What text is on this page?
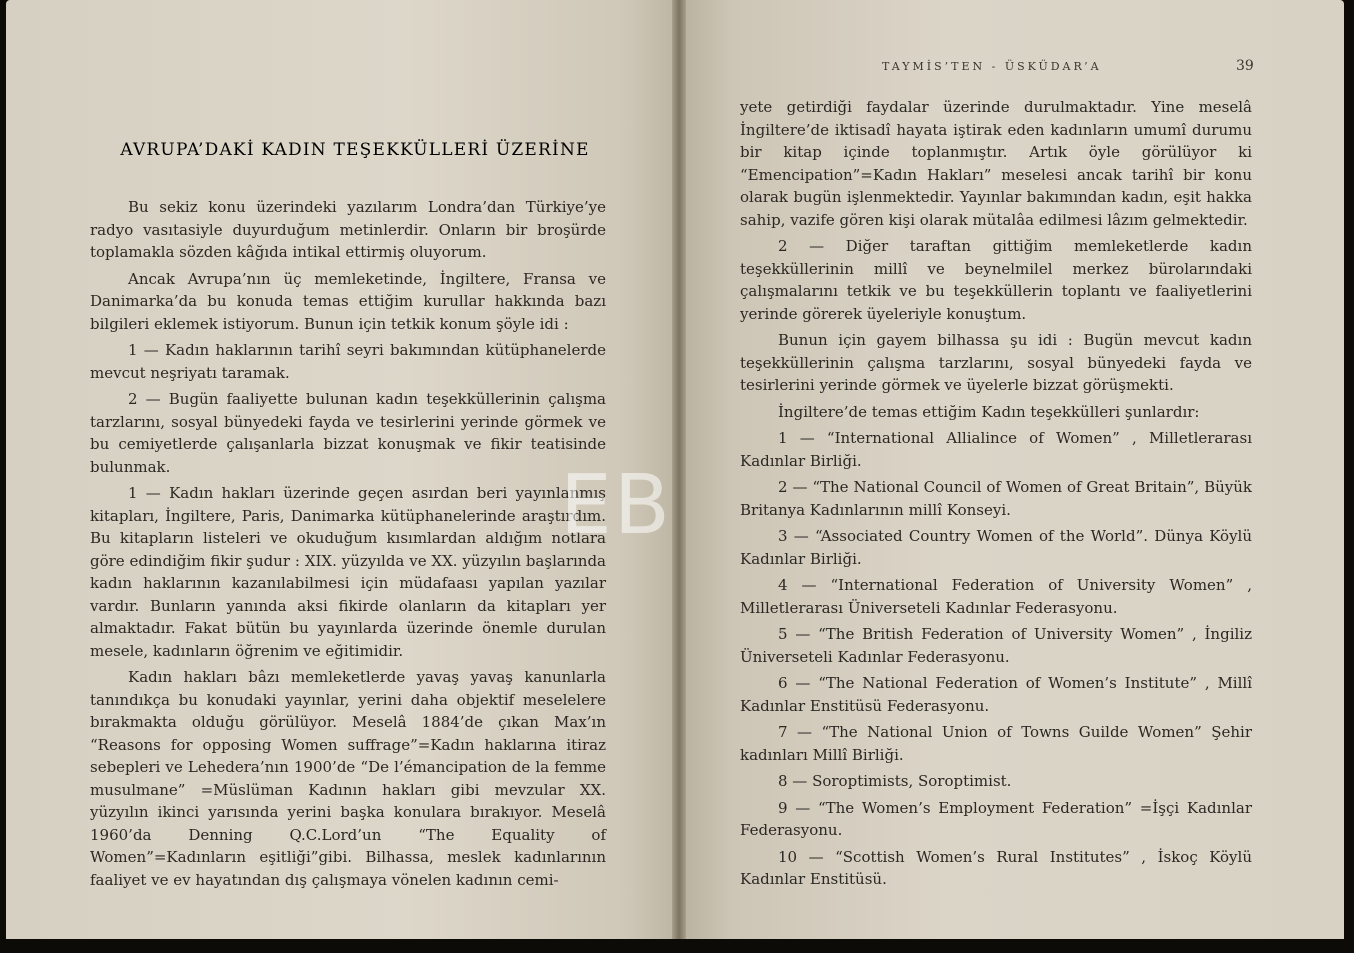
AVRUPA’DAKİ KADIN TEŞEKKÜLLERİ ÜZERİNE

Bu sekiz konu üzerindeki yazılarım Londra’dan Türkiye’ye radyo vasıtasiyle duyurduğum metinlerdir. Onların bir broşürde toplamakla sözden kâğıda intikal ettirmiş oluyorum.

Ancak Avrupa’nın üç memleketinde, İngiltere, Fransa ve Danimarka’da bu konuda temas ettiğim kurullar hakkında bazı bilgileri eklemek istiyorum. Bunun için tetkik konum şöyle idi :

1 — Kadın haklarının tarihî seyri bakımından kütüphanelerde mevcut neşriyatı taramak.

2 — Bugün faaliyette bulunan kadın teşekküllerinin çalışma tarzlarını, sosyal bünyedeki fayda ve tesirlerini yerinde görmek ve bu cemiyetlerde çalışanlarla bizzat konuşmak ve fikir teatisinde bulunmak.

1 — Kadın hakları üzerinde geçen asırdan beri yayınlanmış kitapları, İngiltere, Paris, Danimarka kütüphanelerinde araştırdım. Bu kitapların listeleri ve okuduğum kısımlardan aldığım notlara göre edindiğim fikir şudur : XIX. yüzyılda ve XX. yüzyılın başlarında kadın haklarının kazanılabilmesi için müdafaası yapılan yazılar vardır. Bunların yanında aksi fikirde olanların da kitapları yer almaktadır. Fakat bütün bu yayınlarda üzerinde önemle durulan mesele, kadınların öğrenim ve eğitimidir.

Kadın hakları bâzı memleketlerde yavaş yavaş kanunlarla tanındıkça bu konudaki yayınlar, yerini daha objektif meselelere bırakmakta olduğu görülüyor. Meselâ 1884’de çıkan Max’ın “Reasons for opposing Women suffrage”=Kadın haklarına itiraz sebepleri ve Lehedera’nın 1900’de “De l’émancipation de la femme musulmane” =Müslüman Kadının hakları gibi mevzular XX. yüzyılın ikinci yarısında yerini başka konulara bırakıyor. Meselâ 1960’da Denning Q.C.Lord’un “The Equality of Women”=Kadınların eşitliği”gibi. Bilhassa, meslek kadınlarının faaliyet ve ev hayatından dış çalışmaya vönelen kadının cemi-

TAYMİS’TEN - ÜSKÜDAR’A	39

yete getirdiği faydalar üzerinde durulmaktadır. Yine meselâ İngiltere’de iktisadî hayata iştirak eden kadınların umumî durumu bir kitap içinde toplanmıştır. Artık öyle görülüyor ki “Emencipation”=Kadın Hakları” meselesi ancak tarihî bir konu olarak bugün işlenmektedir. Yayınlar bakımından kadın, eşit hakka sahip, vazife gören kişi olarak mütalâa edilmesi lâzım gelmektedir.

2 — Diğer taraftan gittiğim memleketlerde kadın teşekküllerinin millî ve beynelmilel merkez bürolarındaki çalışmalarını tetkik ve bu teşekküllerin toplantı ve faaliyetlerini yerinde görerek üyeleriyle konuştum.

Bunun için gayem bilhassa şu idi : Bugün mevcut kadın teşekküllerinin çalışma tarzlarını, sosyal bünyedeki fayda ve tesirlerini yerinde görmek ve üyelerle bizzat görüşmekti.

İngiltere’de temas ettiğim Kadın teşekkülleri şunlardır:

1 — “International Allialince of Women” , Milletlerarası Kadınlar Birliği.

2 — “The National Council of Women of Great Britain”, Büyük Britanya Kadınlarının millî Konseyi.

3 — “Associated Country Women of the World”. Dünya Köylü Kadınlar Birliği.

4 — “International Federation of University Women” , Milletlerarası Üniverseteli Kadınlar Federasyonu.

5 — “The British Federation of University Women” , İngiliz Üniverseteli Kadınlar Federasyonu.

6 — “The National Federation of Women’s Institute” , Millî Kadınlar Enstitüsü Federasyonu.

7 — “The National Union of Towns Guilde Women” Şehir kadınları Millî Birliği.

8 — Soroptimists, Soroptimist.

9 — “The Women’s Employment Federation” =İşçi Kadınlar Federasyonu.

10 — “Scottish Women’s Rural Institutes” , İskoç Köylü Kadınlar Enstitüsü.

EB
